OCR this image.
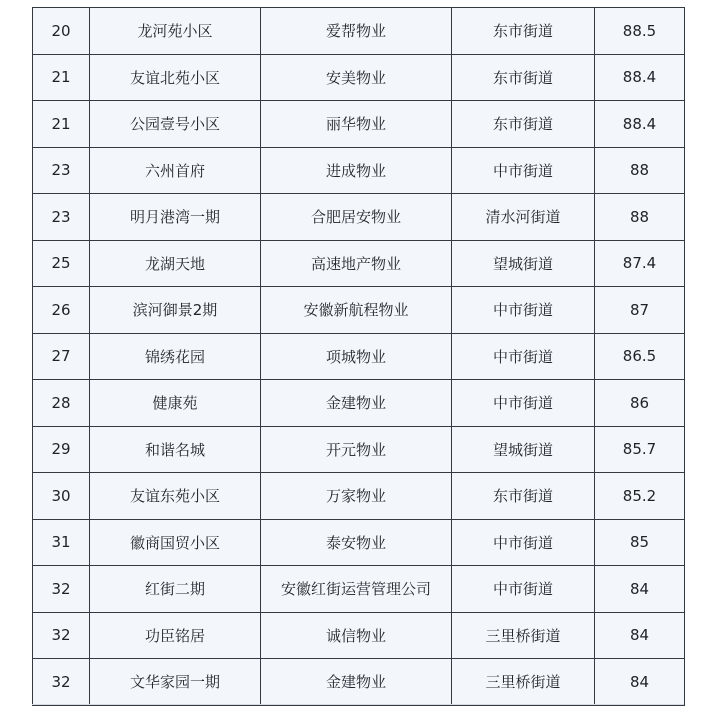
20	龙河苑小区	爱帮物业	东市街道	88.5
21	友谊北苑小区	安美物业	东市街道	88.4
21	公园壹号小区	丽华物业	东市街道	88.4
23	六州首府	进成物业	中市街道	88
23	明月港湾一期	合肥居安物业	清水河街道	88
25	龙湖天地	高速地产物业	望城街道	87.4
26	滨河御景2期	安徽新航程物业	中市街道	87
27	锦绣花园	项城物业	中市街道	86.5
28	健康苑	金建物业	中市街道	86
29	和谐名城	开元物业	望城街道	85.7
30	友谊东苑小区	万家物业	东市街道	85.2
31	徽商国贸小区	泰安物业	中市街道	85
32	红街二期	安徽红街运营管理公司	中市街道	84
32	功臣铭居	诚信物业	三里桥街道	84
32	文华家园一期	金建物业	三里桥街道	84
